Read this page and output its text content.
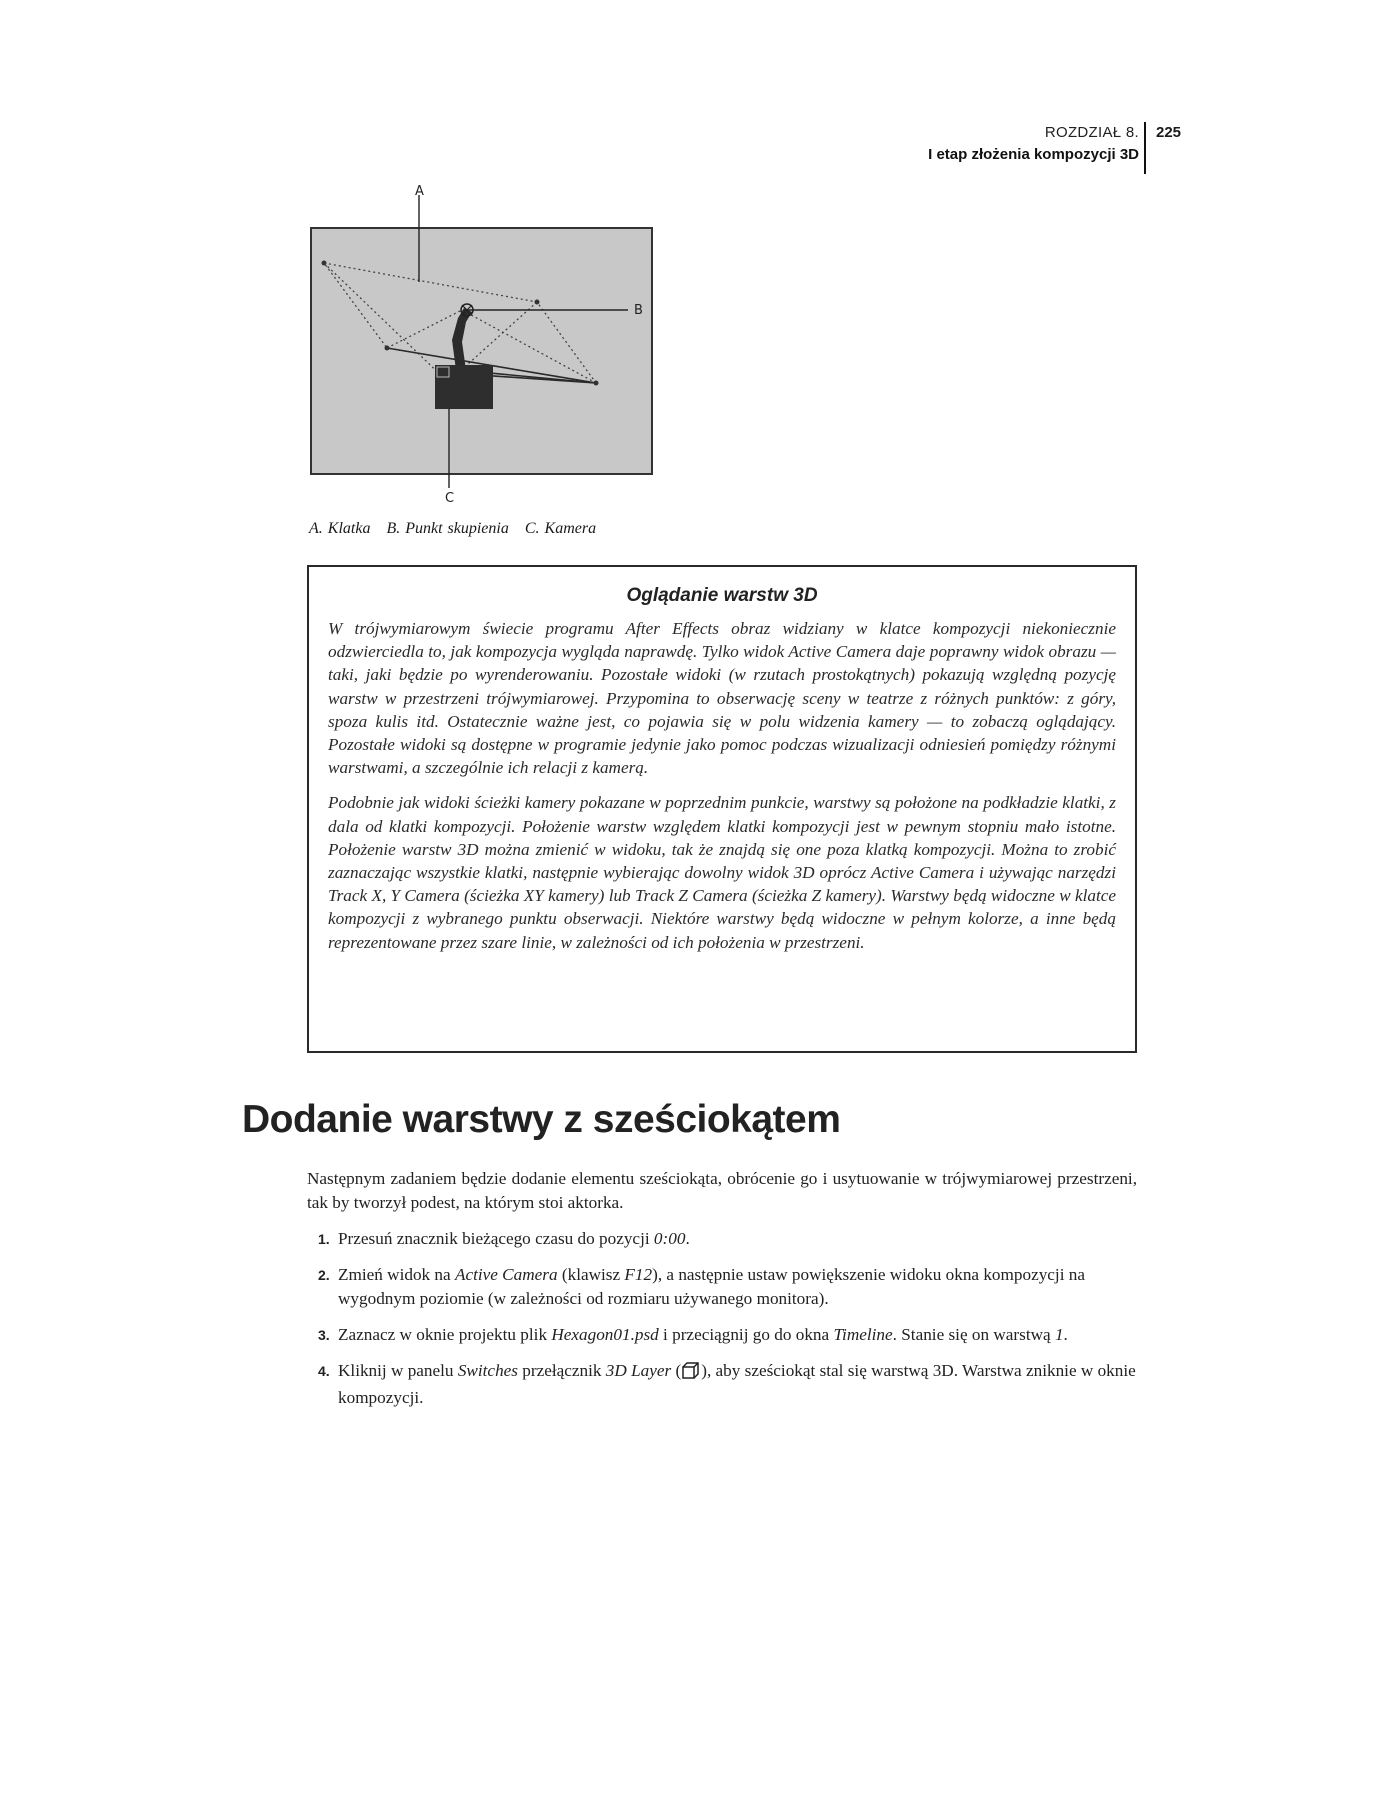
ROZDZIAŁ 8.
I etap złożenia kompozycji 3D
225
A
B
C
A. Klatka B. Punkt skupienia C. Kamera
Oglądanie warstw 3D

W trójwymiarowym świecie programu After Effects obraz widziany w klatce kompozycji niekoniecznie odzwierciedla to, jak kompozycja wygląda naprawdę. Tylko widok Active Camera daje poprawny widok obrazu — taki, jaki będzie po wyrenderowaniu. Pozostałe widoki (w rzutach prostokątnych) pokazują względną pozycję warstw w przestrzeni trójwymiarowej. Przypomina to obserwację sceny w teatrze z różnych punktów: z góry, spoza kulis itd. Ostatecznie ważne jest, co pojawia się w polu widzenia kamery — to zobaczą oglądający. Pozostałe widoki są dostępne w programie jedynie jako pomoc podczas wizualizacji odniesień pomiędzy różnymi warstwami, a szczególnie ich relacji z kamerą.

Podobnie jak widoki ścieżki kamery pokazane w poprzednim punkcie, warstwy są położone na podkładzie klatki, z dala od klatki kompozycji. Położenie warstw względem klatki kompozycji jest w pewnym stopniu mało istotne. Położenie warstw 3D można zmienić w widoku, tak że znajdą się one poza klatką kompozycji. Można to zrobić zaznaczając wszystkie klatki, następnie wybierając dowolny widok 3D oprócz Active Camera i używając narzędzi Track X, Y Camera (ścieżka XY kamery) lub Track Z Camera (ścieżka Z kamery). Warstwy będą widoczne w klatce kompozycji z wybranego punktu obserwacji. Niektóre warstwy będą widoczne w pełnym kolorze, a inne będą reprezentowane przez szare linie, w zależności od ich położenia w przestrzeni.

Dodanie warstwy z sześciokątem

Następnym zadaniem będzie dodanie elementu sześciokąta, obrócenie go i usytuowanie w trójwymiarowej przestrzeni, tak by tworzył podest, na którym stoi aktorka.

1. Przesuń znacznik bieżącego czasu do pozycji 0:00.
2. Zmień widok na Active Camera (klawisz F12), a następnie ustaw powiększenie widoku okna kompozycji na wygodnym poziomie (w zależności od rozmiaru używanego monitora).
3. Zaznacz w oknie projektu plik Hexagon01.psd i przeciągnij go do okna Timeline. Stanie się on warstwą 1.
4. Kliknij w panelu Switches przełącznik 3D Layer ( ), aby sześciokąt stal się warstwą 3D. Warstwa zniknie w oknie kompozycji.
